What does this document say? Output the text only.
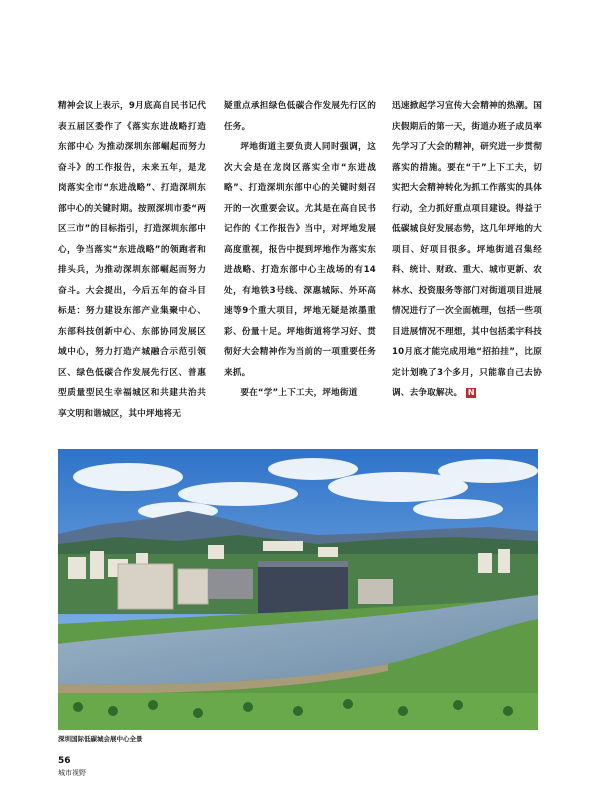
精神会议上表示，9月底高自民书记代表五届区委作了《落实东进战略打造东部中心 为推动深圳东部崛起而努力奋斗》的工作报告，未来五年，是龙岗落实全市“东进战略”、打造深圳东部中心的关键时期。按照深圳市委“两区三市”的目标指引，打造深圳东部中心，争当落实“东进战略”的领跑者和排头兵，为推动深圳东部崛起而努力奋斗。大会提出，今后五年的奋斗目标是：努力建设东部产业集聚中心、东部科技创新中心、东部协同发展区域中心，努力打造产城融合示范引领区、绿色低碳合作发展先行区、普惠型质量型民生幸福城区和共建共治共享文明和谐城区，其中坪地将无

疑重点承担绿色低碳合作发展先行区的任务。

坪地街道主要负责人同时强调，这次大会是在龙岗区落实全市“东进战略”、打造深圳东部中心的关键时刻召开的一次重要会议。尤其是在高自民书记作的《工作报告》当中，对坪地发展高度重视，报告中提到坪地作为落实东进战略、打造东部中心主战场的有14处，有地铁3号线、深惠城际、外环高速等9个重大项目，坪地无疑是浓墨重彩、份量十足。坪地街道将学习好、贯彻好大会精神作为当前的一项重要任务来抓。

要在“学”上下工夫，坪地街道

迅速掀起学习宣传大会精神的热潮。国庆假期后的第一天，街道办班子成员率先学习了大会的精神，研究进一步贯彻落实的措施。要在“干”上下工夫，切实把大会精神转化为抓工作落实的具体行动，全力抓好重点项目建设。得益于低碳城良好发展态势，这几年坪地的大项目、好项目很多。坪地街道召集经科、统计、财政、重大、城市更新、农林水、投资服务等部门对街道项目进展情况进行了一次全面梳理，包括一些项目进展情况不理想，其中包括柔宇科技10月底才能完成用地“招拍挂”，比原定计划晚了3个多月，只能靠自己去协调、去争取解决。 N

深圳国际低碳城会展中心全景
56
城市视野
